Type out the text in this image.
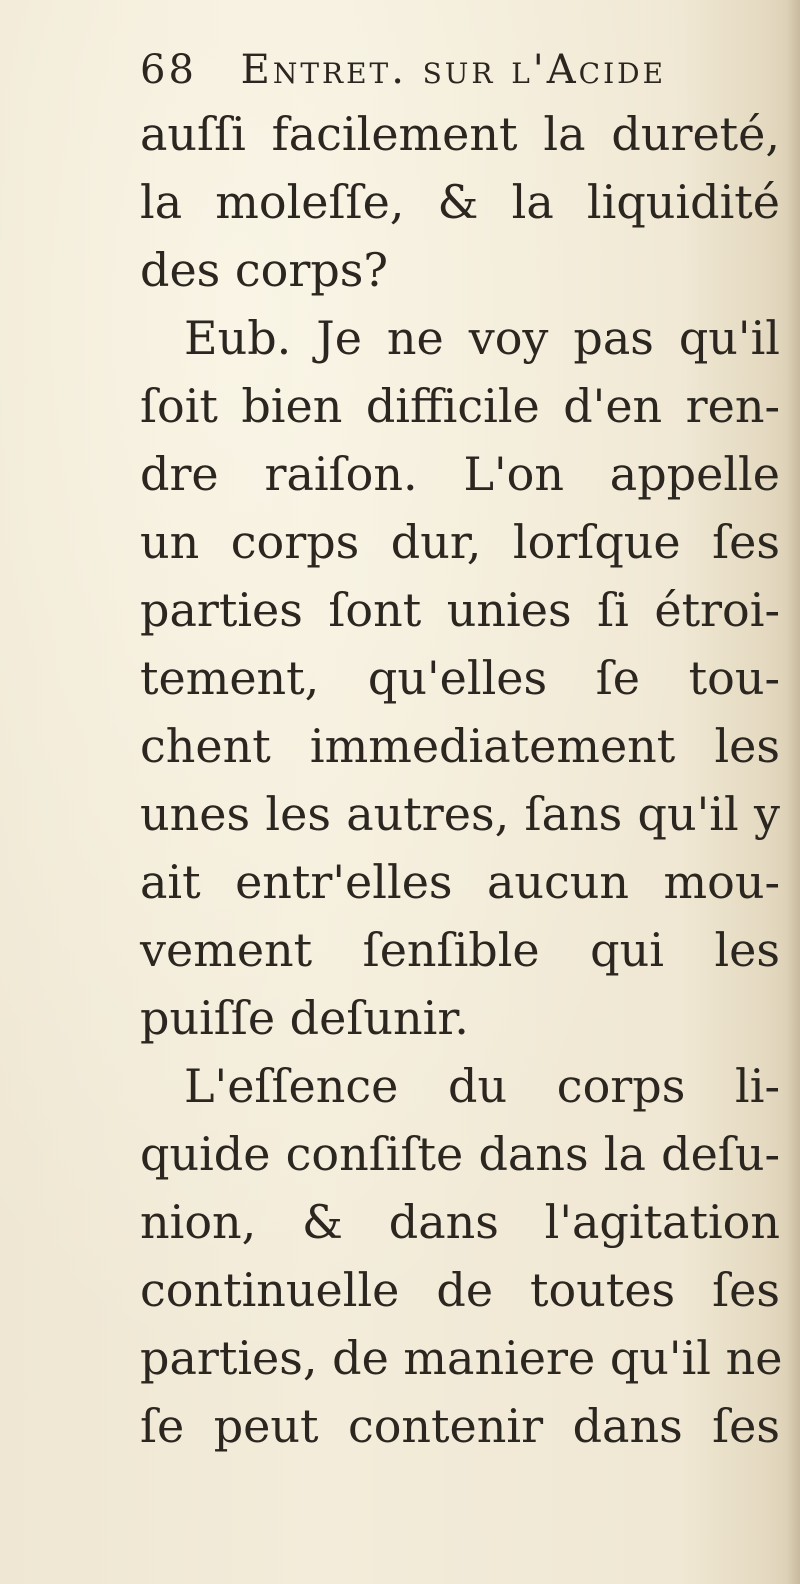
68 Entret. sur l'Acide
auſſi facilement la dureté,
la moleſſe, & la liquidité
des corps?
Eub. Je ne voy pas qu'il
ſoit bien difficile d'en ren-
dre raiſon. L'on appelle
un corps dur, lorſque ſes
parties ſont unies ſi étroi-
tement, qu'elles ſe tou-
chent immediatement les
unes les autres, ſans qu'il y
ait entr'elles aucun mou-
vement ſenſible qui les
puiſſe deſunir.
L'eſſence du corps li-
quide conſiſte dans la deſu-
nion, & dans l'agitation
continuelle de toutes ſes
parties, de maniere qu'il ne
ſe peut contenir dans ſes
